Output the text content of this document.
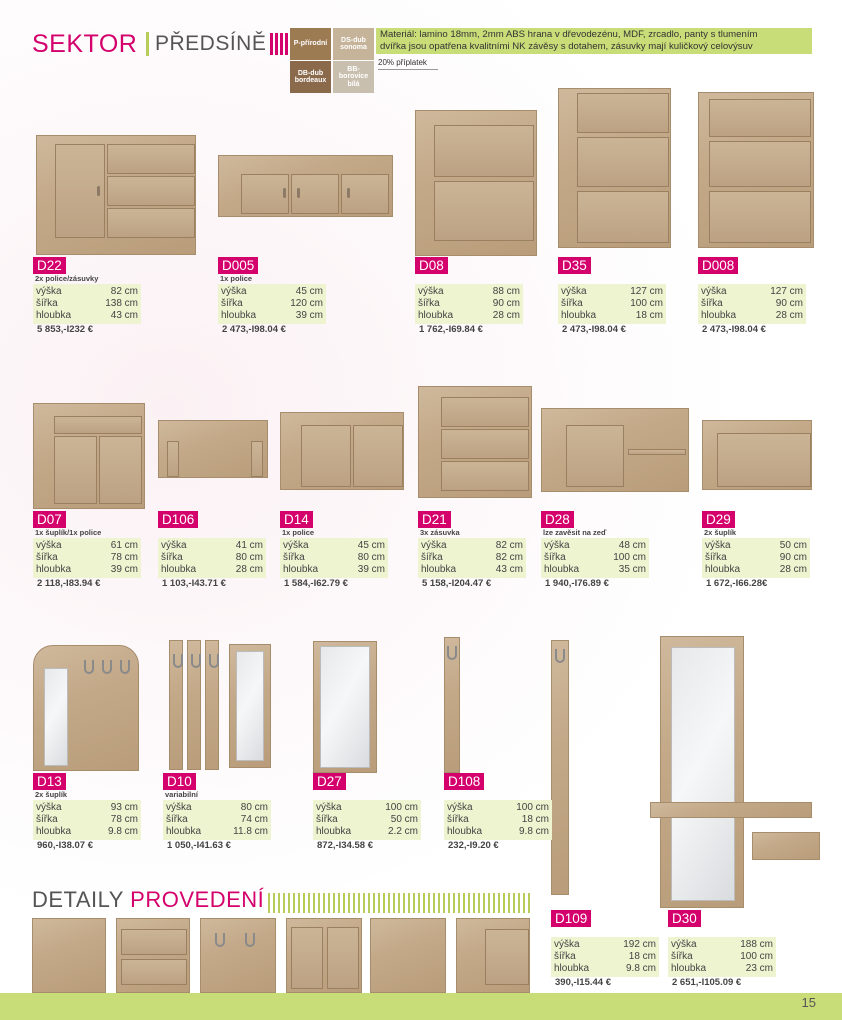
SEKTOR PŘEDSÍNĚ	P-přírodní
DS-dub sonoma
DB-dub bordeaux
BB-borovice bílá
Materiál: lamino 18mm, 2mm ABS hrana v dřevodezénu, MDF, zrcadlo, panty s tlumením
dvířka jsou opatřena kvalitními NK závěsy s dotahem, zásuvky mají kuličkový celovýsuv
20% příplatek
D22
2x police/zásuvky
výška	82 cm
šířka	138 cm
hloubka	43 cm
5 853,-I232 €
D005
1x police
výška	45 cm
šířka	120 cm
hloubka	39 cm
2 473,-I98.04 €
D08
výška	88 cm
šířka	90 cm
hloubka	28 cm
1 762,-I69.84 €
D35
výška	127 cm
šířka	100 cm
hloubka	18 cm
2 473,-I98.04 €
D008
výška	127 cm
šířka	90 cm
hloubka	28 cm
2 473,-I98.04 €
D07
1x šuplík/1x police
výška	61 cm
šířka	78 cm
hloubka	39 cm
2 118,-I83.94 €
D106
výška	41 cm
šířka	80 cm
hloubka	28 cm
1 103,-I43.71 €
D14
1x police
výška	45 cm
šířka	80 cm
hloubka	39 cm
1 584,-I62.79 €
D21
3x zásuvka
výška	82 cm
šířka	82 cm
hloubka	43 cm
5 158,-I204.47 €
D28
lze zavěsit na zeď
výška	48 cm
šířka	100 cm
hloubka	35 cm
1 940,-I76.89 €
D29
2x šuplík
výška	50 cm
šířka	90 cm
hloubka	28 cm
1 672,-I66.28€
D13
2x šuplík
výška	93 cm
šířka	78 cm
hloubka	9.8 cm
960,-I38.07 €
D10
variabilní
výška	80 cm
šířka	74 cm
hloubka	11.8 cm
1 050,-I41.63 €
D27
výška	100 cm
šířka	50 cm
hloubka	2.2 cm
872,-I34.58 €
D108
výška	100 cm
šířka	18 cm
hloubka	9.8 cm
232,-I9.20 €
D109
výška	192 cm
šířka	18 cm
hloubka	9.8 cm
390,-I15.44 €
D30
výška	188 cm
šířka	100 cm
hloubka	23 cm
2 651,-I105.09 €
DETAILY PROVEDENÍ
15
